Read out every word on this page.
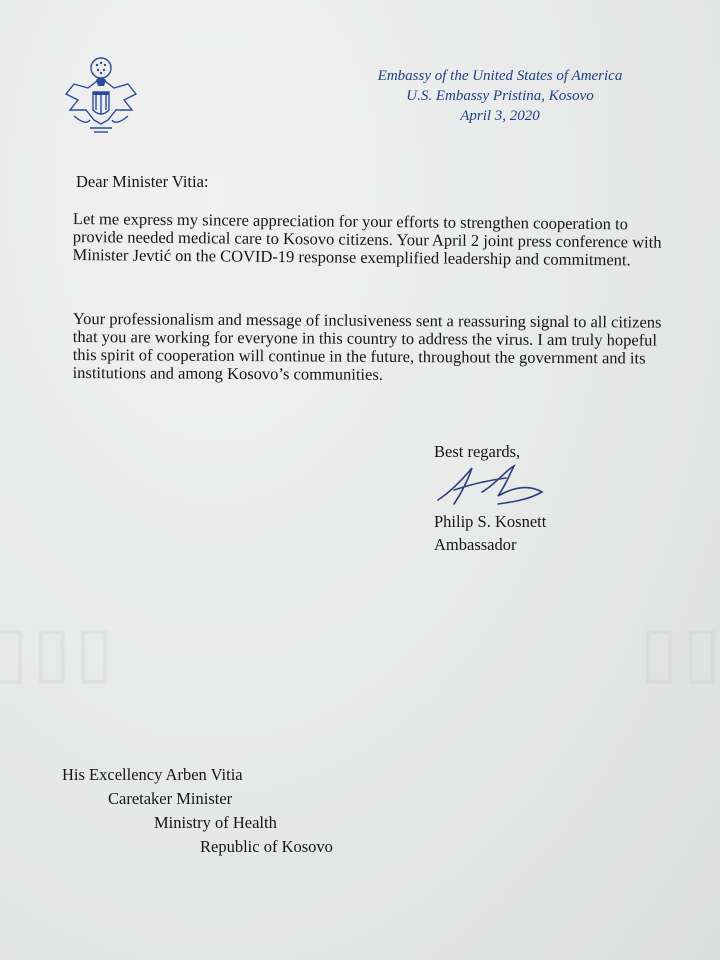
Embassy of the United States of America
U.S. Embassy Pristina, Kosovo
April 3, 2020
Dear Minister Vitia:
Let me express my sincere appreciation for your efforts to strengthen cooperation to provide needed medical care to Kosovo citizens. Your April 2 joint press conference with Minister Jevtić on the COVID-19 response exemplified leadership and commitment.
Your professionalism and message of inclusiveness sent a reassuring signal to all citizens that you are working for everyone in this country to address the virus. I am truly hopeful this spirit of cooperation will continue in the future, throughout the government and its institutions and among Kosovo’s communities.
Best regards,
Philip S. Kosnett
Ambassador
His Excellency Arben Vitia
Caretaker Minister
Ministry of Health
Republic of Kosovo
